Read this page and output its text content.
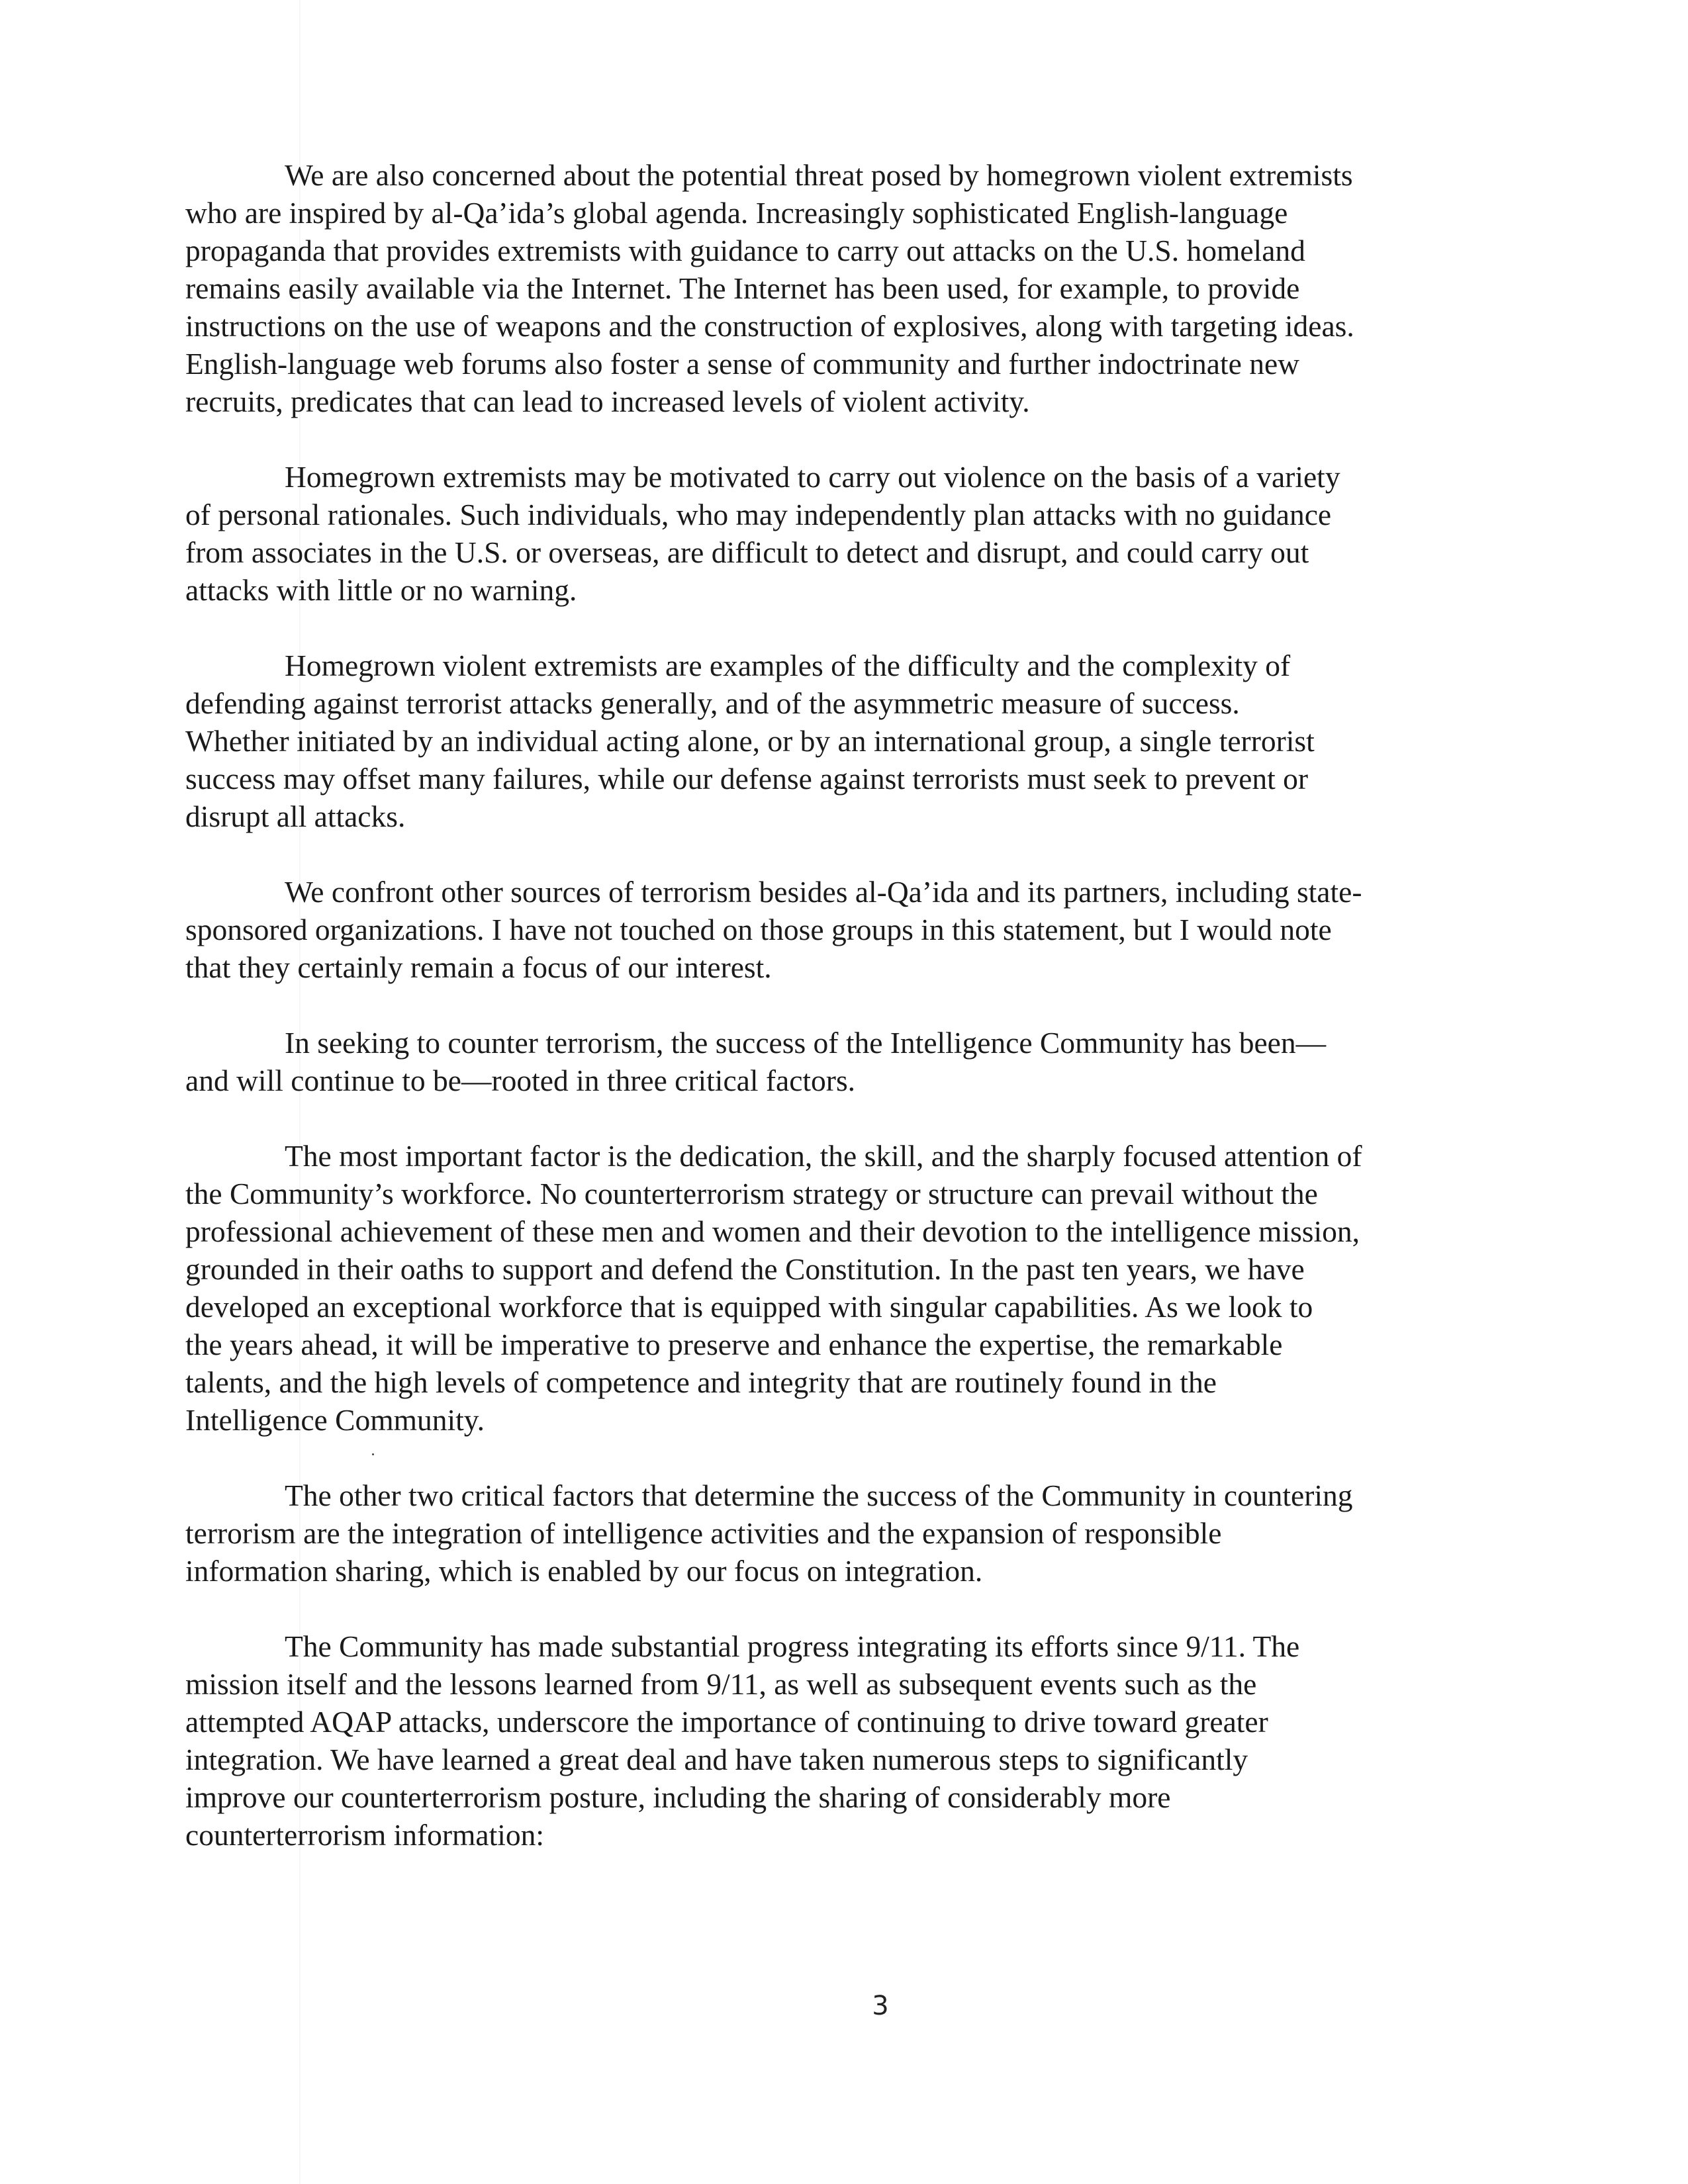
We are also concerned about the potential threat posed by homegrown violent extremists
who are inspired by al-Qa’ida’s global agenda. Increasingly sophisticated English-language
propaganda that provides extremists with guidance to carry out attacks on the U.S. homeland
remains easily available via the Internet. The Internet has been used, for example, to provide
instructions on the use of weapons and the construction of explosives, along with targeting ideas.
English-language web forums also foster a sense of community and further indoctrinate new
recruits, predicates that can lead to increased levels of violent activity.

Homegrown extremists may be motivated to carry out violence on the basis of a variety
of personal rationales. Such individuals, who may independently plan attacks with no guidance
from associates in the U.S. or overseas, are difficult to detect and disrupt, and could carry out
attacks with little or no warning.

Homegrown violent extremists are examples of the difficulty and the complexity of
defending against terrorist attacks generally, and of the asymmetric measure of success.
Whether initiated by an individual acting alone, or by an international group, a single terrorist
success may offset many failures, while our defense against terrorists must seek to prevent or
disrupt all attacks.

We confront other sources of terrorism besides al-Qa’ida and its partners, including state-
sponsored organizations. I have not touched on those groups in this statement, but I would note
that they certainly remain a focus of our interest.

In seeking to counter terrorism, the success of the Intelligence Community has been—
and will continue to be—rooted in three critical factors.

The most important factor is the dedication, the skill, and the sharply focused attention of
the Community’s workforce. No counterterrorism strategy or structure can prevail without the
professional achievement of these men and women and their devotion to the intelligence mission,
grounded in their oaths to support and defend the Constitution. In the past ten years, we have
developed an exceptional workforce that is equipped with singular capabilities. As we look to
the years ahead, it will be imperative to preserve and enhance the expertise, the remarkable
talents, and the high levels of competence and integrity that are routinely found in the
Intelligence Community.

The other two critical factors that determine the success of the Community in countering
terrorism are the integration of intelligence activities and the expansion of responsible
information sharing, which is enabled by our focus on integration.

The Community has made substantial progress integrating its efforts since 9/11. The
mission itself and the lessons learned from 9/11, as well as subsequent events such as the
attempted AQAP attacks, underscore the importance of continuing to drive toward greater
integration. We have learned a great deal and have taken numerous steps to significantly
improve our counterterrorism posture, including the sharing of considerably more
counterterrorism information:

3
